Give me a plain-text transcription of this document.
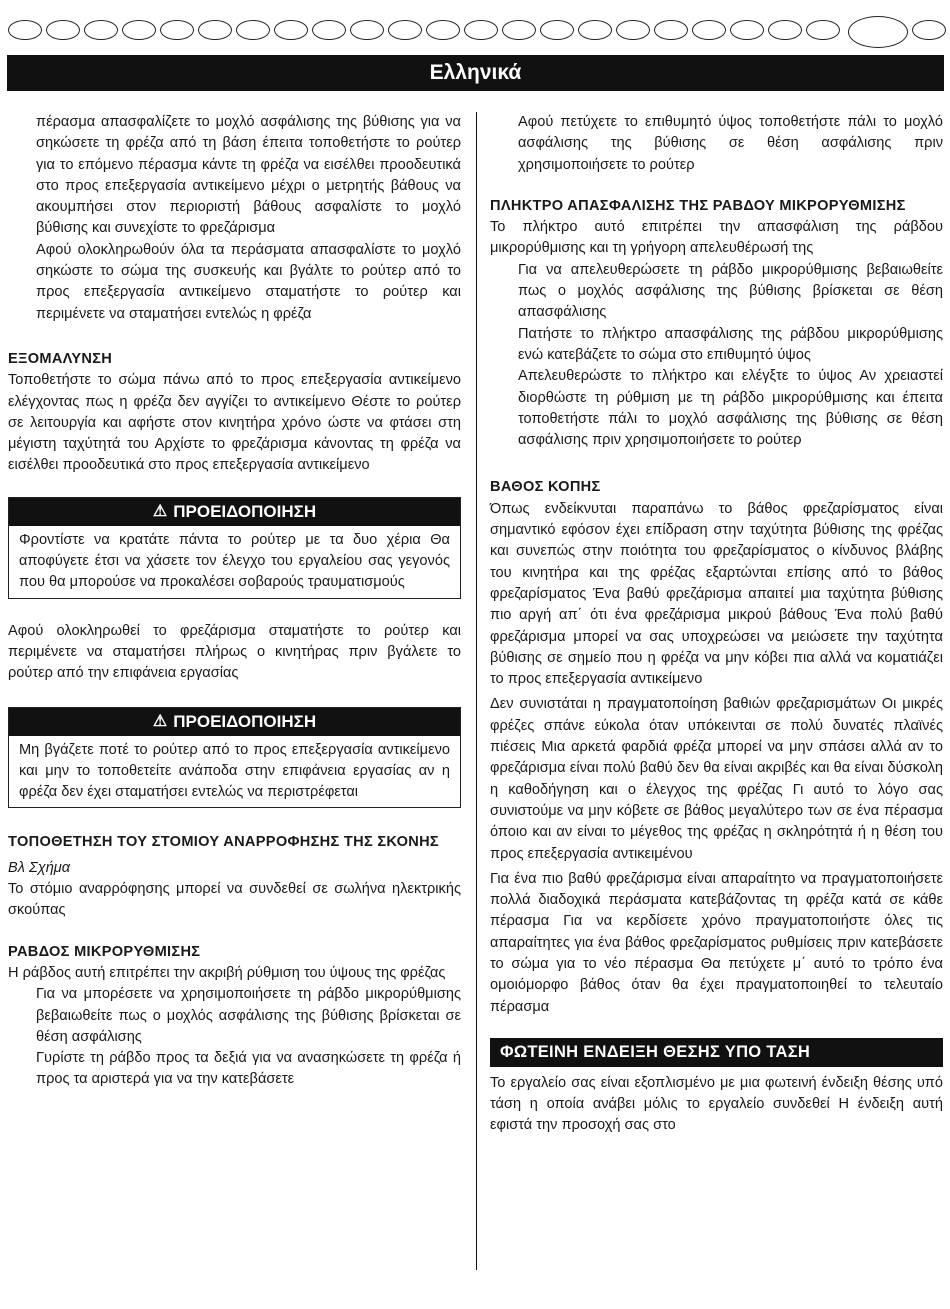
Ελληνικά

πέρασμα απασφαλίζετε το μοχλό ασφάλισης της βύθισης για να σηκώσετε τη φρέζα από τη βάση έπειτα τοποθετήστε το ρούτερ για το επόμενο πέρασμα κάντε τη φρέζα να εισέλθει προοδευτικά στο προς επεξεργασία αντικείμενο μέχρι ο μετρητής βάθους να ακουμπήσει στον περιοριστή βάθους ασφαλίστε το μοχλό βύθισης και συνεχίστε το φρεζάρισμα

Αφού ολοκληρωθούν όλα τα περάσματα απασφαλίστε το μοχλό σηκώστε το σώμα της συσκευής και βγάλτε το ρούτερ από το προς επεξεργασία αντικείμενο σταματήστε το ρούτερ και περιμένετε να σταματήσει εντελώς η φρέζα

ΕΞΟΜΑΛΥΝΣΗ

Τοποθετήστε το σώμα πάνω από το προς επεξεργασία αντικείμενο ελέγχοντας πως η φρέζα δεν αγγίζει το αντικείμενο Θέστε το ρούτερ σε λειτουργία και αφήστε στον κινητήρα χρόνο ώστε να φτάσει στη μέγιστη ταχύτητά του Αρχίστε το φρεζάρισμα κάνοντας τη φρέζα να εισέλθει προοδευτικά στο προς επεξεργασία αντικείμενο

⚠ ΠΡΟΕΙΔΟΠΟΙΗΣΗ

Φροντίστε να κρατάτε πάντα το ρούτερ με τα δυο χέρια Θα αποφύγετε έτσι να χάσετε τον έλεγχο του εργαλείου σας γεγονός που θα μπορούσε να προκαλέσει σοβαρούς τραυματισμούς

Αφού ολοκληρωθεί το φρεζάρισμα σταματήστε το ρούτερ και περιμένετε να σταματήσει πλήρως ο κινητήρας πριν βγάλετε το ρούτερ από την επιφάνεια εργασίας

⚠ ΠΡΟΕΙΔΟΠΟΙΗΣΗ

Μη βγάζετε ποτέ το ρούτερ από το προς επεξεργασία αντικείμενο και μην το τοποθετείτε ανάποδα στην επιφάνεια εργασίας αν η φρέζα δεν έχει σταματήσει εντελώς να περιστρέφεται

ΤΟΠΟΘΕΤΗΣΗ ΤΟΥ ΣΤΟΜΙΟΥ ΑΝΑΡΡΟΦΗΣΗΣ ΤΗΣ ΣΚΟΝΗΣ

Βλ Σχήμα

Το στόμιο αναρρόφησης μπορεί να συνδεθεί σε σωλήνα ηλεκτρικής σκούπας

ΡΑΒΔΟΣ ΜΙΚΡΟΡΥΘΜΙΣΗΣ

Η ράβδος αυτή επιτρέπει την ακριβή ρύθμιση του ύψους της φρέζας

Για να μπορέσετε να χρησιμοποιήσετε τη ράβδο μικρορύθμισης βεβαιωθείτε πως ο μοχλός ασφάλισης της βύθισης βρίσκεται σε θέση ασφάλισης

Γυρίστε τη ράβδο προς τα δεξιά για να ανασηκώσετε τη φρέζα ή προς τα αριστερά για να την κατεβάσετε

Αφού πετύχετε το επιθυμητό ύψος τοποθετήστε πάλι το μοχλό ασφάλισης της βύθισης σε θέση ασφάλισης πριν χρησιμοποιήσετε το ρούτερ

ΠΛΗΚΤΡΟ ΑΠΑΣΦΑΛΙΣΗΣ ΤΗΣ ΡΑΒΔΟΥ ΜΙΚΡΟΡΥΘΜΙΣΗΣ

Το πλήκτρο αυτό επιτρέπει την απασφάλιση της ράβδου μικρορύθμισης και τη γρήγορη απελευθέρωσή της

Για να απελευθερώσετε τη ράβδο μικρορύθμισης βεβαιωθείτε πως ο μοχλός ασφάλισης της βύθισης βρίσκεται σε θέση απασφάλισης

Πατήστε το πλήκτρο απασφάλισης της ράβδου μικρορύθμισης ενώ κατεβάζετε το σώμα στο επιθυμητό ύψος

Απελευθερώστε το πλήκτρο και ελέγξτε το ύψος Αν χρειαστεί διορθώστε τη ρύθμιση με τη ράβδο μικρορύθμισης και έπειτα τοποθετήστε πάλι το μοχλό ασφάλισης της βύθισης σε θέση ασφάλισης πριν χρησιμοποιήσετε το ρούτερ

ΒΑΘΟΣ ΚΟΠΗΣ

Όπως ενδείκνυται παραπάνω το βάθος φρεζαρίσματος είναι σημαντικό εφόσον έχει επίδραση στην ταχύτητα βύθισης της φρέζας και συνεπώς στην ποιότητα του φρεζαρίσματος ο κίνδυνος βλάβης του κινητήρα και της φρέζας εξαρτώνται επίσης από το βάθος φρεζαρίσματος Ένα βαθύ φρεζάρισμα απαιτεί μια ταχύτητα βύθισης πιο αργή απ΄ ότι ένα φρεζάρισμα μικρού βάθους Ένα πολύ βαθύ φρεζάρισμα μπορεί να σας υποχρεώσει να μειώσετε την ταχύτητα βύθισης σε σημείο που η φρέζα να μην κόβει πια αλλά να κοματιάζει το προς επεξεργασία αντικείμενο

Δεν συνιστάται η πραγματοποίηση βαθιών φρεζαρισμάτων Οι μικρές φρέζες σπάνε εύκολα όταν υπόκεινται σε πολύ δυνατές πλαϊνές πιέσεις Μια αρκετά φαρδιά φρέζα μπορεί να μην σπάσει αλλά αν το φρεζάρισμα είναι πολύ βαθύ δεν θα είναι ακριβές και θα είναι δύσκολη η καθοδήγηση και ο έλεγχος της φρέζας Γι αυτό το λόγο σας συνιστούμε να μην κόβετε σε βάθος μεγαλύτερο των σε ένα πέρασμα όποιο και αν είναι το μέγεθος της φρέζας η σκληρότητά ή η θέση του προς επεξεργασία αντικειμένου

Για ένα πιο βαθύ φρεζάρισμα είναι απαραίτητο να πραγματοποιήσετε πολλά διαδοχικά περάσματα κατεβάζοντας τη φρέζα κατά σε κάθε πέρασμα Για να κερδίσετε χρόνο πραγματοποιήστε όλες τις απαραίτητες για ένα βάθος φρεζαρίσματος ρυθμίσεις πριν κατεβάσετε το σώμα για το νέο πέρασμα Θα πετύχετε μ΄ αυτό το τρόπο ένα ομοιόμορφο βάθος όταν θα έχει πραγματοποιηθεί το τελευταίο πέρασμα

ΦΩΤΕΙΝΗ ΕΝΔΕΙΞΗ ΘΕΣΗΣ ΥΠΟ ΤΑΣΗ

Το εργαλείο σας είναι εξοπλισμένο με μια φωτεινή ένδειξη θέσης υπό τάση η οποία ανάβει μόλις το εργαλείο συνδεθεί Η ένδειξη αυτή εφιστά την προσοχή σας στο
